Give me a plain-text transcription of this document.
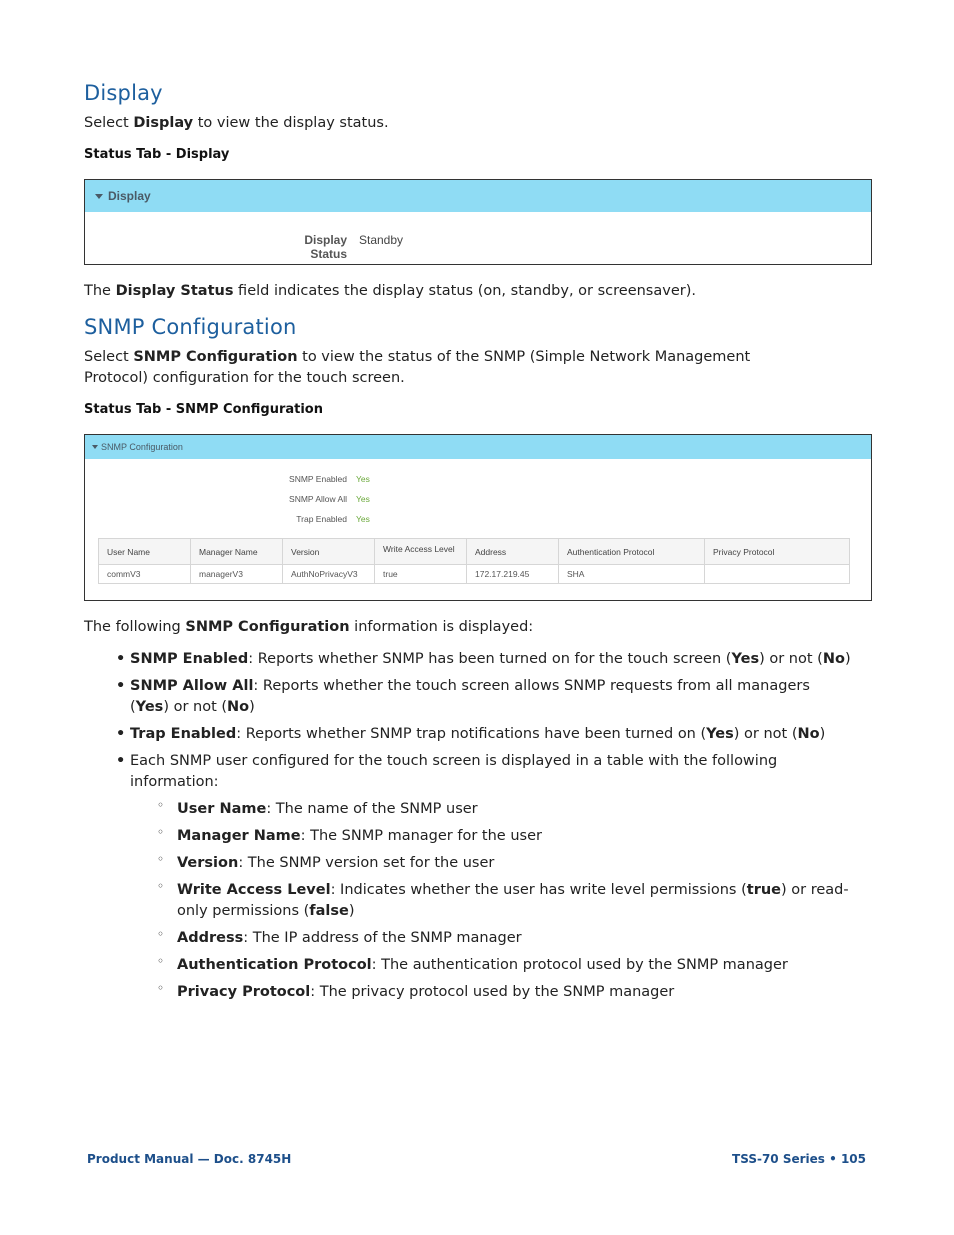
Display
Select Display to view the display status.
Status Tab - Display
Display
Display Status
Standby
The Display Status field indicates the display status (on, standby, or screensaver).
SNMP Configuration
Select SNMP Configuration to view the status of the SNMP (Simple Network Management Protocol) configuration for the touch screen.
Status Tab - SNMP Configuration
SNMP Configuration
SNMP Enabled Yes
SNMP Allow All Yes
Trap Enabled Yes
User Name	Manager Name	Version	Write Access Level	Address	Authentication Protocol	Privacy Protocol
commV3	managerV3	AuthNoPrivacyV3	true	172.17.219.45	SHA	
The following SNMP Configuration information is displayed:
• SNMP Enabled: Reports whether SNMP has been turned on for the touch screen (Yes) or not (No)
• SNMP Allow All: Reports whether the touch screen allows SNMP requests from all managers (Yes) or not (No)
• Trap Enabled: Reports whether SNMP trap notifications have been turned on (Yes) or not (No)
• Each SNMP user configured for the touch screen is displayed in a table with the following information:
◦ User Name: The name of the SNMP user
◦ Manager Name: The SNMP manager for the user
◦ Version: The SNMP version set for the user
◦ Write Access Level: Indicates whether the user has write level permissions (true) or read-only permissions (false)
◦ Address: The IP address of the SNMP manager
◦ Authentication Protocol: The authentication protocol used by the SNMP manager
◦ Privacy Protocol: The privacy protocol used by the SNMP manager
Product Manual — Doc. 8745H	TSS-70 Series • 105
